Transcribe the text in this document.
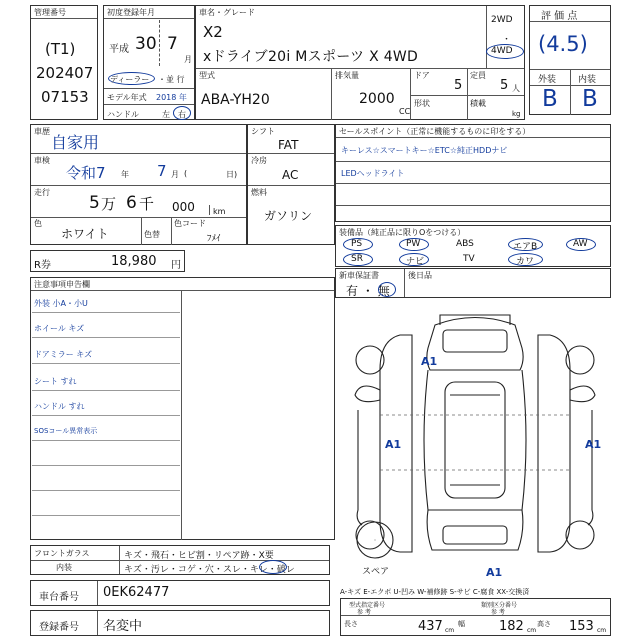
管理番号
(T1)
202407
07153
初度登録年月
平成 30 7
月
ディーラー ・並 行
モデル年式 2018 年
ハンドル	左 右
車名・グレード
X2
xドライブ20i Mスポーツ X 4WD
2WD
・
4WD
型式
ABA-YH20
排気量
2000
CC
ドア
5
定員
5 人
形状	積載
kg
評 価 点
(4.5)
外装 内装
B B
車歴
自家用
車検
令和7 年 7 月 (	日)
走行
5 万 6 千 000 km
色
ホワイト	色替
色コード
ﾌﾒｲ
シフト
FAT
冷房
AC
燃料
ガソリン
R券	18,980 円
セールスポイント（正常に機能するものに印をする）
キーレス☆スマートキー☆ETC☆純正HDDナビ
LEDヘッドライト
装備品（純正品に限りOをつける）
PS	PW	ABS	エアB	AW
SR	ナビ	TV	カワ
新車保証書
有 ・ 無
後日品
注意事項申告欄
外装 小A・小U
ホイール キズ
ドアミラー キズ
シート すれ
ハンドル すれ
SOSコール異常表示
フロントガラス	キズ・飛石・ヒビ割・リペア跡・X要
内装	キズ・汚レ・コゲ・穴・スレ・キレ・破レ
車台番号 0EK62477
登録番号 名変中
A1
A1	A1
A1
スペア
A-キズ E-エクボ U-凹み W-補修跡 S-サビ C-腐食 XX-交換済
型式指定番号
参 考
類別区分番号
参 考
長さ	437 cm
幅	182 cm
高さ 153 cm
